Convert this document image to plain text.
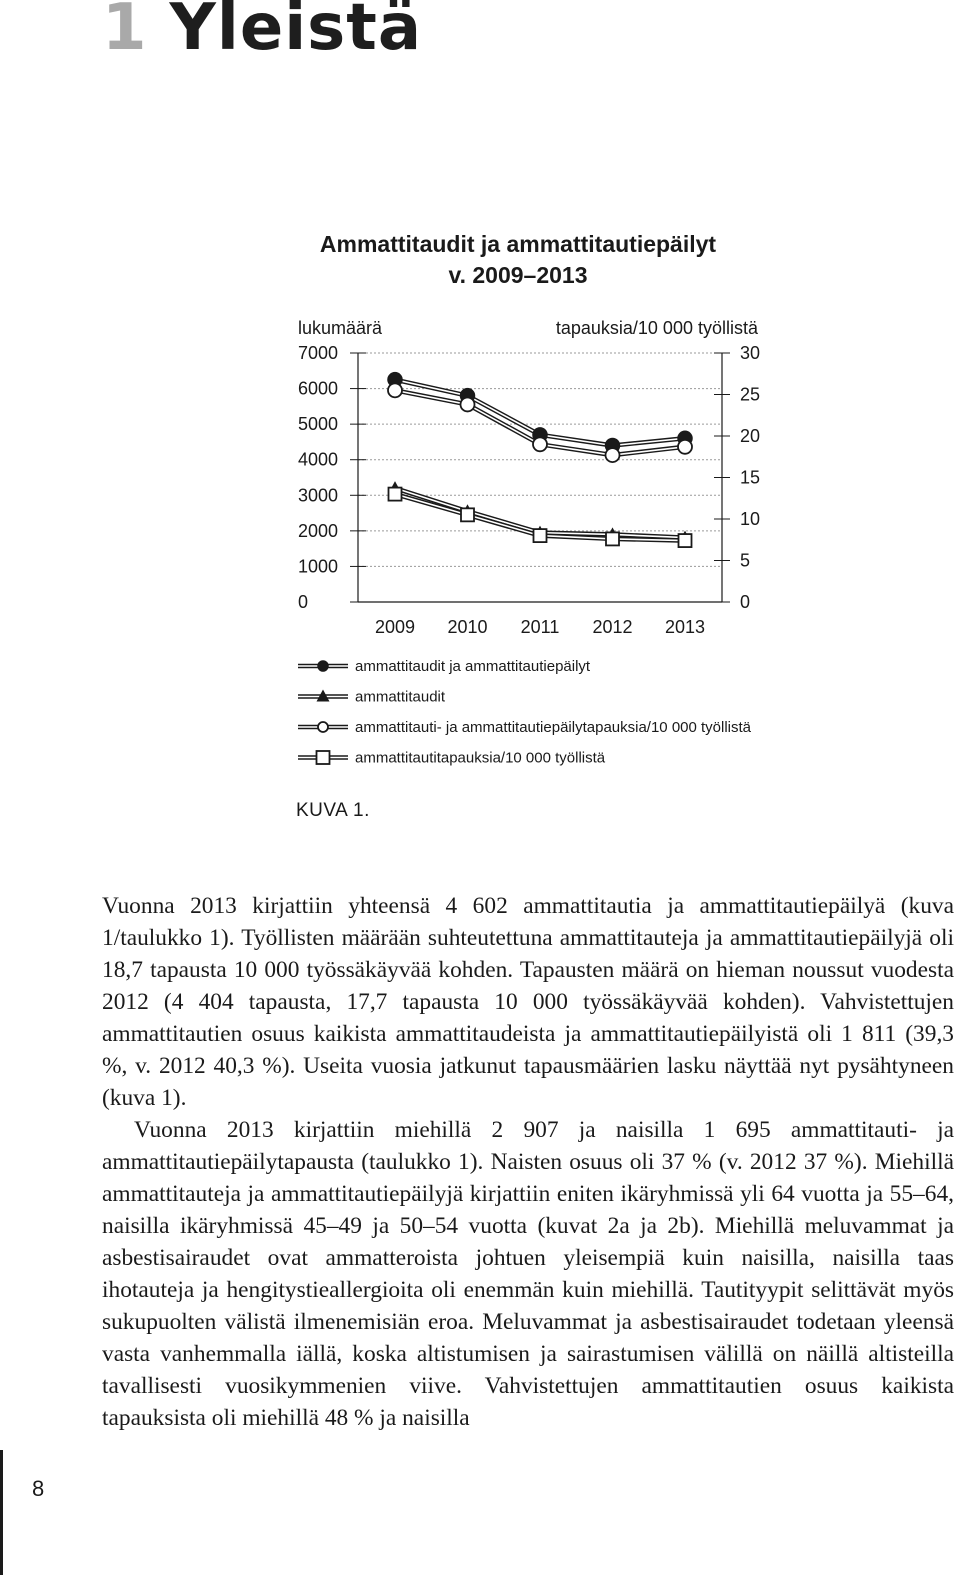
1 Yleistä
Ammattitaudit ja ammattitautiepäilyt
v. 2009–2013
lukumäärä	tapauksia/10 000 työllistä
0
1000
2000
3000
4000
5000
6000
7000
0
5
10
15
20
25
30
2009 2010 2011 2012 2013
ammattitaudit ja ammattitautiepäilyt
ammattitaudit
ammattitauti- ja ammattitautiepäilytapauksia/10 000 työllistä
ammattitautitapauksia/10 000 työllistä
KUVA 1.

Vuonna 2013 kirjattiin yhteensä 4 602 ammattitautia ja ammattitautiepäilyä (kuva 1/taulukko 1). Työllisten määrään suhteutettuna ammattitauteja ja ammattitautiepäilyjä oli 18,7 tapausta 10 000 työssäkäyvää kohden. Tapausten määrä on hieman noussut vuodesta 2012 (4 404 tapausta, 17,7 tapausta 10 000 työssäkäyvää kohden). Vahvistettujen ammattitautien osuus kaikista ammattitaudeista ja ammattitautiepäilyistä oli 1 811 (39,3 %, v. 2012 40,3 %). Useita vuosia jatkunut tapausmäärien lasku näyttää nyt pysähtyneen (kuva 1).

Vuonna 2013 kirjattiin miehillä 2 907 ja naisilla 1 695 ammattitauti- ja ammattitautiepäilytapausta (taulukko 1). Naisten osuus oli 37 % (v. 2012 37 %). Miehillä ammattitauteja ja ammattitautiepäilyjä kirjattiin eniten ikäryhmissä yli 64 vuotta ja 55–64, naisilla ikäryhmissä 45–49 ja 50–54 vuotta (kuvat 2a ja 2b). Miehillä meluvammat ja asbestisairaudet ovat ammatteroista johtuen yleisempiä kuin naisilla, naisilla taas ihotauteja ja hengitystieallergioita oli enemmän kuin miehillä. Tautityypit selittävät myös sukupuolten välistä ilmenemisiän eroa. Meluvammat ja asbestisairaudet todetaan yleensä vasta vanhemmalla iällä, koska altistumisen ja sairastumisen välillä on näillä altisteilla tavallisesti vuosikymmenien viive. Vahvistettujen ammattitautien osuus kaikista tapauksista oli miehillä 48 % ja naisilla

8
